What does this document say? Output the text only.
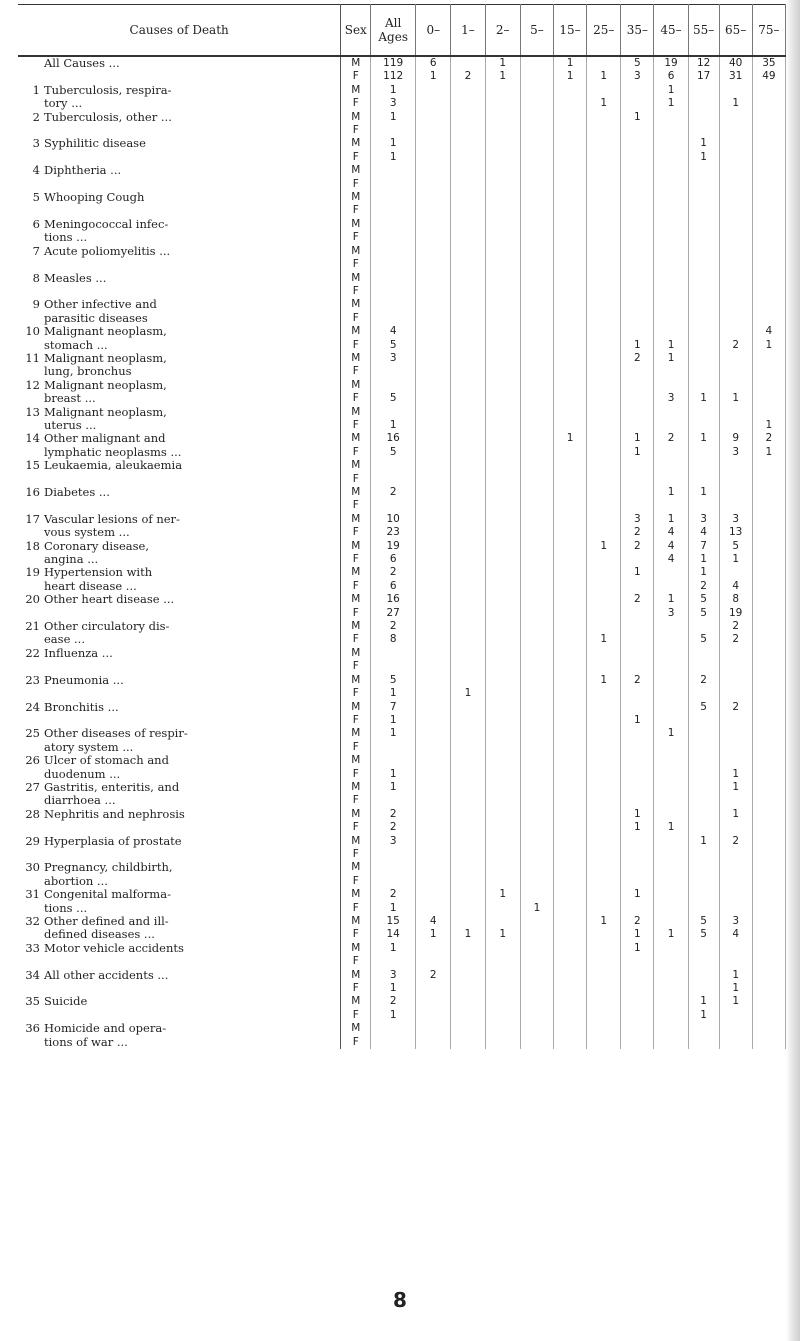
Causes of Death	Sex	All Ages	0–	1–	2–	5–	15–	25–	35–	45–	55–	65–	75–
All Causes ...	M	119	6		1		1		5	19	12	40	35
	F	112	1	2	1		1	1	3	6	17	31	49
1 Tuberculosis, respira-	M	1								1			
tory ...	F	3						1		1		1	
2 Tuberculosis, other ...	M	1							1				
	F												
3 Syphilitic disease	M	1									1		
	F	1									1		
4 Diphtheria ...	M												
	F												
5 Whooping Cough	M												
	F												
6 Meningococcal infec-	M												
tions ...	F												
7 Acute poliomyelitis ...	M												
	F												
8 Measles ...	M												
	F												
9 Other infective and	M												
parasitic diseases	F												
10 Malignant neoplasm,	M	4											4
stomach ...	F	5							1	1		2	1
11 Malignant neoplasm,	M	3							2	1			
lung, bronchus	F												
12 Malignant neoplasm,	M												
breast ...	F	5								3	1	1	
13 Malignant neoplasm,	M												
uterus ...	F	1											1
14 Other malignant and	M	16					1		1	2	1	9	2
lymphatic neoplasms ...	F	5							1			3	1
15 Leukaemia, aleukaemia	M												
	F												
16 Diabetes ...	M	2								1	1		
	F												
17 Vascular lesions of ner-	M	10							3	1	3	3	
vous system ...	F	23							2	4	4	13	
18 Coronary disease,	M	19						1	2	4	7	5	
angina ...	F	6								4	1	1	
19 Hypertension with	M	2							1		1		
heart disease ...	F	6									2	4	
20 Other heart disease ...	M	16							2	1	5	8	
	F	27								3	5	19	
21 Other circulatory dis-	M	2										2	
ease ...	F	8						1			5	2	
22 Influenza ...	M												
	F												
23 Pneumonia ...	M	5						1	2		2		
	F	1		1									
24 Bronchitis ...	M	7									5	2	
	F	1							1				
25 Other diseases of respir-	M	1								1			
atory system ...	F												
26 Ulcer of stomach and	M												
duodenum ...	F	1										1	
27 Gastritis, enteritis, and	M	1										1	
diarrhoea ...	F												
28 Nephritis and nephrosis	M	2							1			1	
	F	2							1	1			
29 Hyperplasia of prostate	M	3									1	2	
	F												
30 Pregnancy, childbirth,	M												
abortion ...	F												
31 Congenital malforma-	M	2			1				1				
tions ...	F	1				1							
32 Other defined and ill-	M	15	4					1	2		5	3	
defined diseases ...	F	14	1	1	1				1	1	5	4	
33 Motor vehicle accidents	M	1							1				
	F												
34 All other accidents ...	M	3	2									1	
	F	1										1	
35 Suicide	M	2									1	1	
	F	1									1		
36 Homicide and opera-	M												
tions of war ...	F												
8
